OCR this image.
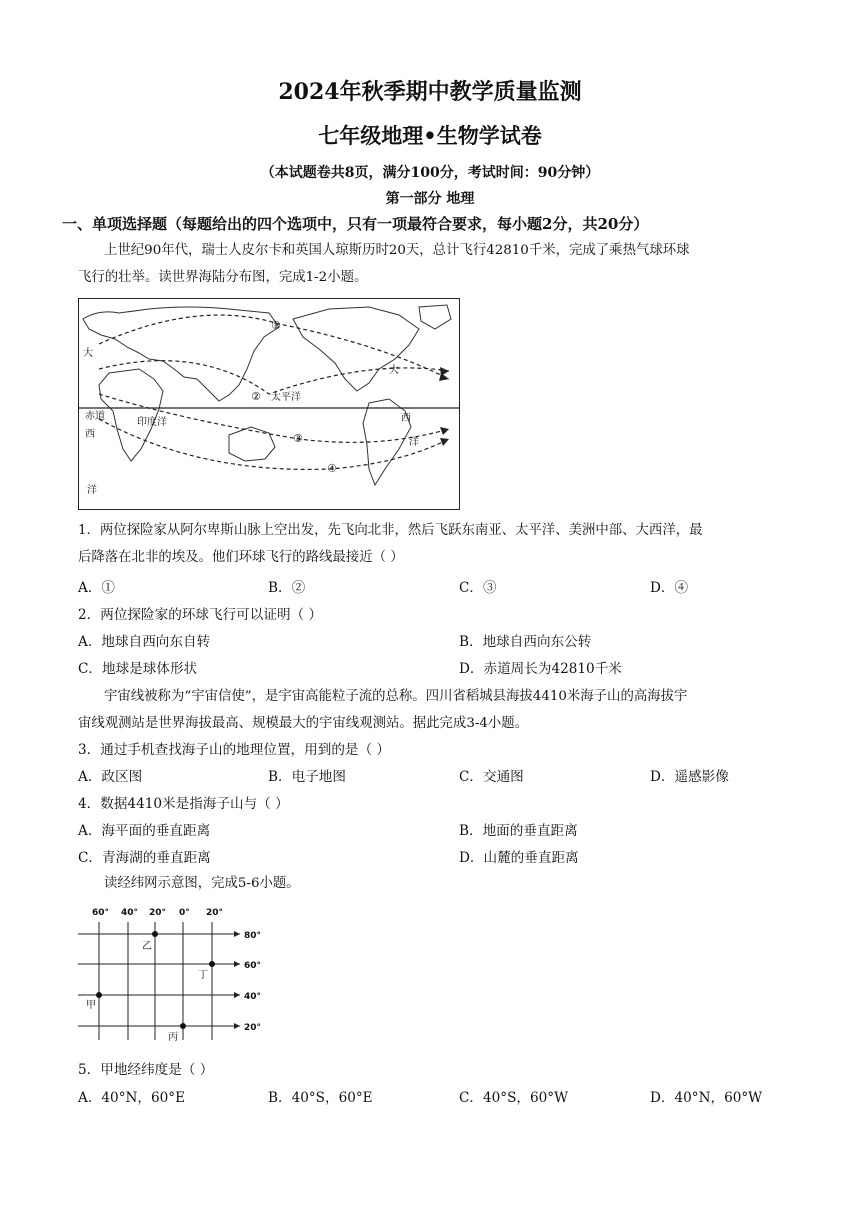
2024年秋季期中教学质量监测
七年级地理•生物学试卷
（本试题卷共8页，满分100分，考试时间：90分钟）
第一部分 地理
一、单项选择题（每题给出的四个选项中，只有一项最符合要求，每小题2分，共20分）
上世纪90年代，瑞士人皮尔卡和英国人琼斯历时20天，总计飞行42810千米，完成了乘热气球环球
飞行的壮举。读世界海陆分布图，完成1-2小题。
大
大
太平洋
赤道
印度洋
西
西
洋
洋
①
②
③
④
1．两位探险家从阿尔卑斯山脉上空出发，先飞向北非，然后飞跃东南亚、太平洋、美洲中部、大西洋，最
后降落在北非的埃及。他们环球飞行的路线最接近（ ）
A．①	B．②	C．③	D．④
2．两位探险家的环球飞行可以证明（ ）
A．地球自西向东自转	B．地球自西向东公转
C．地球是球体形状	D．赤道周长为42810千米
宇宙线被称为“宇宙信使”，是宇宙高能粒子流的总称。四川省稻城县海拔4410米海子山的高海拔宇
宙线观测站是世界海拔最高、规模最大的宇宙线观测站。据此完成3-4小题。
3．通过手机查找海子山的地理位置，用到的是（ ）
A．政区图	B．电子地图	C．交通图	D．遥感影像
4．数据4410米是指海子山与（ ）
A．海平面的垂直距离	B．地面的垂直距离
C．青海湖的垂直距离	D．山麓的垂直距离
读经纬网示意图，完成5-6小题。
60° 40° 20° 0° 20°
80°
60°
40°
20°
乙
丁
甲
丙
5．甲地经纬度是（ ）
A．40°N，60°E	B．40°S，60°E	C．40°S，60°W	D．40°N，60°W
